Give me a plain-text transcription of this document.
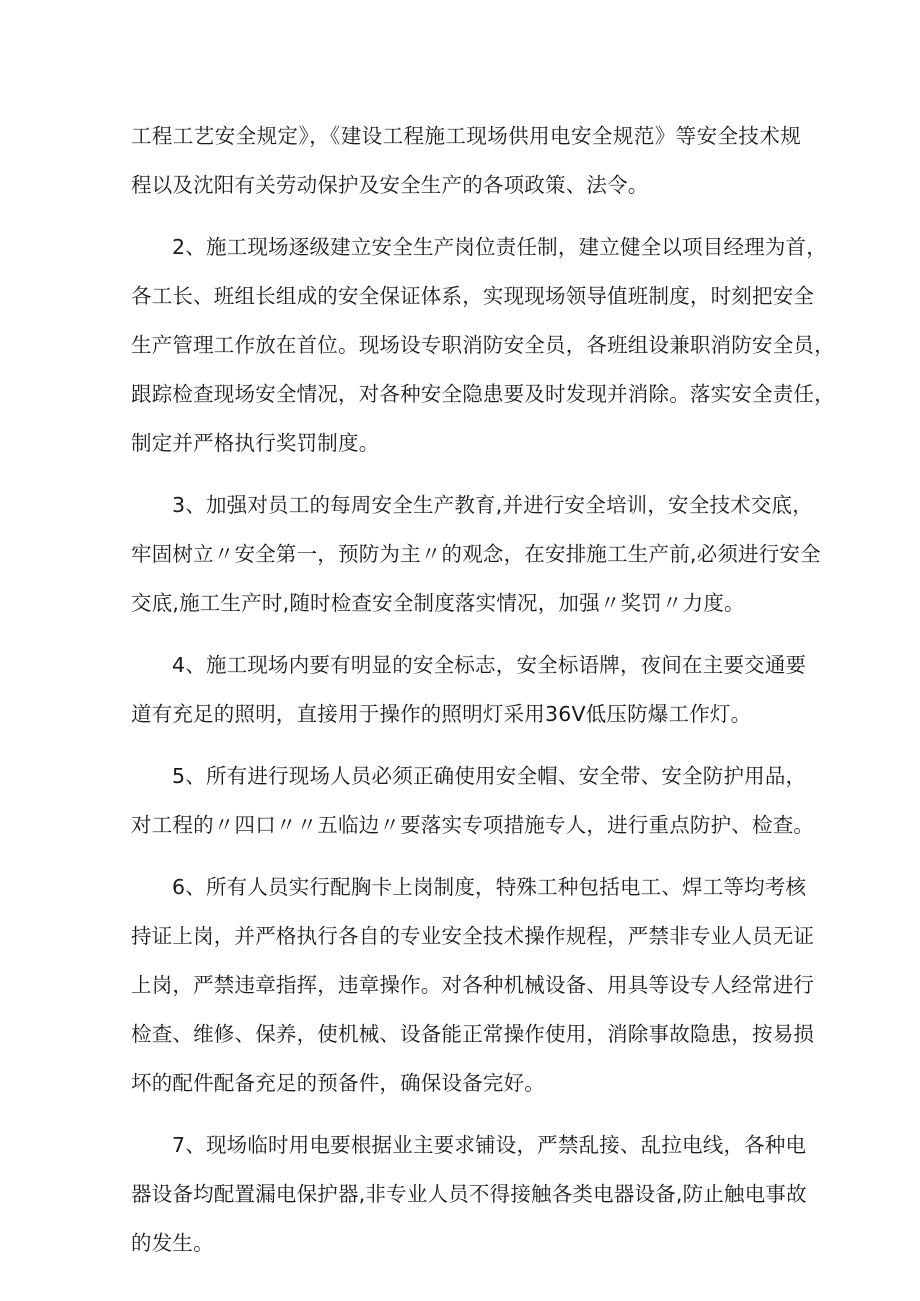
工程工艺安全规定》，《建设工程施工现场供用电安全规范》等安全技术规
程以及沈阳有关劳动保护及安全生产的各项政策、法令。
2、施工现场逐级建立安全生产岗位责任制，建立健全以项目经理为首，
各工长、班组长组成的安全保证体系，实现现场领导值班制度，时刻把安全
生产管理工作放在首位。现场设专职消防安全员，各班组设兼职消防安全员，
跟踪检查现场安全情况，对各种安全隐患要及时发现并消除。落实安全责任，
制定并严格执行奖罚制度。
3、加强对员工的每周安全生产教育,并进行安全培训，安全技术交底，
牢固树立〃安全第一，预防为主〃的观念，在安排施工生产前,必须进行安全
交底,施工生产时,随时检查安全制度落实情况，加强〃奖罚〃力度。
4、施工现场内要有明显的安全标志，安全标语牌，夜间在主要交通要
道有充足的照明，直接用于操作的照明灯采用36V低压防爆工作灯。
5、所有进行现场人员必须正确使用安全帽、安全带、安全防护用品，
对工程的〃四口〃〃五临边〃要落实专项措施专人，进行重点防护、检查。
6、所有人员实行配胸卡上岗制度，特殊工种包括电工、焊工等均考核
持证上岗，并严格执行各自的专业安全技术操作规程，严禁非专业人员无证
上岗，严禁违章指挥，违章操作。对各种机械设备、用具等设专人经常进行
检查、维修、保养，使机械、设备能正常操作使用，消除事故隐患，按易损
坏的配件配备充足的预备件，确保设备完好。
7、现场临时用电要根据业主要求铺设，严禁乱接、乱拉电线，各种电
器设备均配置漏电保护器,非专业人员不得接触各类电器设备,防止触电事故
的发生。
